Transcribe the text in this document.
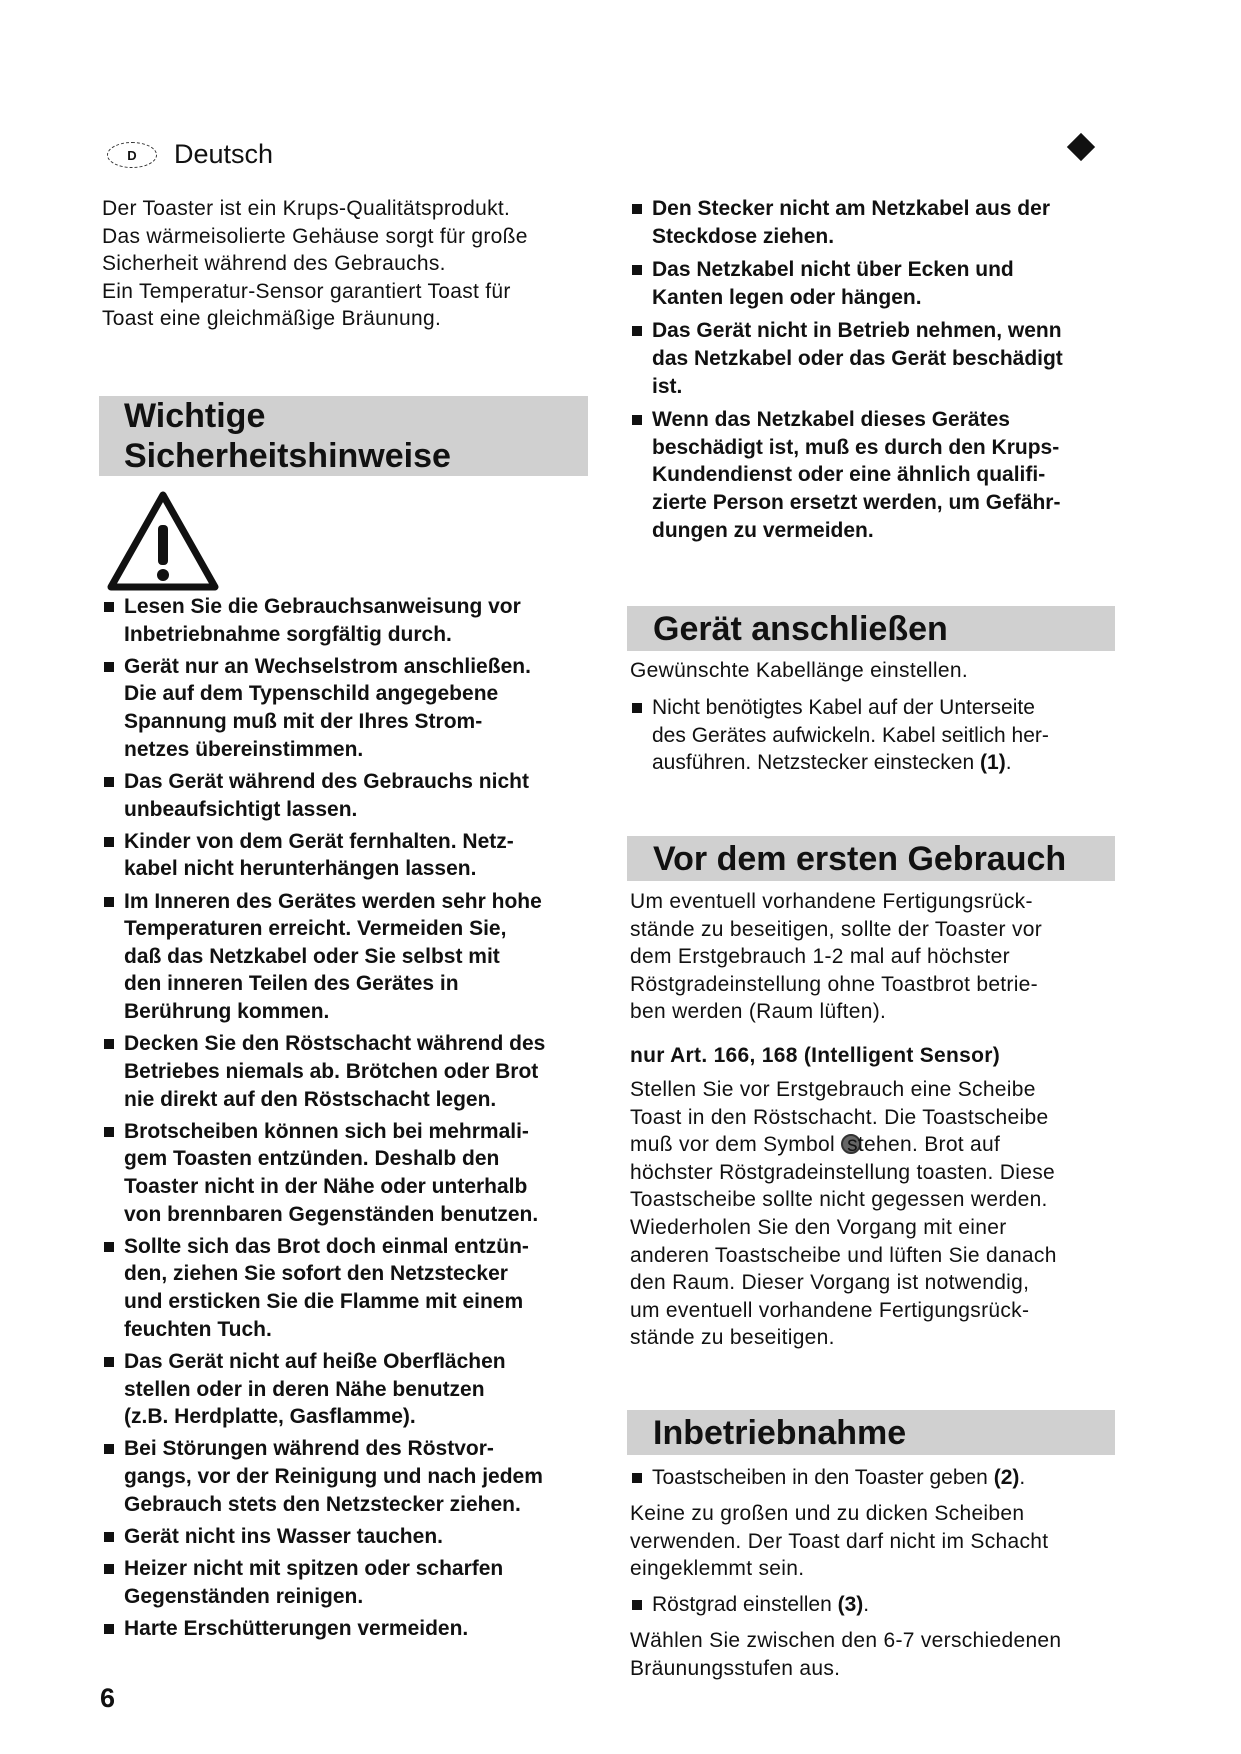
D Deutsch
Der Toaster ist ein Krups-Qualitätsprodukt.
Das wärmeisolierte Gehäuse sorgt für große
Sicherheit während des Gebrauchs.
Ein Temperatur-Sensor garantiert Toast für
Toast eine gleichmäßige Bräunung.
Wichtige
Sicherheitshinweise
Lesen Sie die Gebrauchsanweisung vor
Inbetriebnahme sorgfältig durch.
Gerät nur an Wechselstrom anschließen.
Die auf dem Typenschild angegebene
Spannung muß mit der Ihres Strom-
netzes übereinstimmen.
Das Gerät während des Gebrauchs nicht
unbeaufsichtigt lassen.
Kinder von dem Gerät fernhalten. Netz-
kabel nicht herunterhängen lassen.
Im Inneren des Gerätes werden sehr hohe
Temperaturen erreicht. Vermeiden Sie,
daß das Netzkabel oder Sie selbst mit
den inneren Teilen des Gerätes in
Berührung kommen.
Decken Sie den Röstschacht während des
Betriebes niemals ab. Brötchen oder Brot
nie direkt auf den Röstschacht legen.
Brotscheiben können sich bei mehrmali-
gem Toasten entzünden. Deshalb den
Toaster nicht in der Nähe oder unterhalb
von brennbaren Gegenständen benutzen.
Sollte sich das Brot doch einmal entzün-
den, ziehen Sie sofort den Netzstecker
und ersticken Sie die Flamme mit einem
feuchten Tuch.
Das Gerät nicht auf heiße Oberflächen
stellen oder in deren Nähe benutzen
(z.B. Herdplatte, Gasflamme).
Bei Störungen während des Röstvor-
gangs, vor der Reinigung und nach jedem
Gebrauch stets den Netzstecker ziehen.
Gerät nicht ins Wasser tauchen.
Heizer nicht mit spitzen oder scharfen
Gegenständen reinigen.
Harte Erschütterungen vermeiden.
6
Den Stecker nicht am Netzkabel aus der
Steckdose ziehen.
Das Netzkabel nicht über Ecken und
Kanten legen oder hängen.
Das Gerät nicht in Betrieb nehmen, wenn
das Netzkabel oder das Gerät beschädigt
ist.
Wenn das Netzkabel dieses Gerätes
beschädigt ist, muß es durch den Krups-
Kundendienst oder eine ähnlich qualifi-
zierte Person ersetzt werden, um Gefähr-
dungen zu vermeiden.
Gerät anschließen
Gewünschte Kabellänge einstellen.
Nicht benötigtes Kabel auf der Unterseite
des Gerätes aufwickeln. Kabel seitlich her-
ausführen. Netzstecker einstecken (1).
Vor dem ersten Gebrauch
Um eventuell vorhandene Fertigungsrück-
stände zu beseitigen, sollte der Toaster vor
dem Erstgebrauch 1-2 mal auf höchster
Röstgradeinstellung ohne Toastbrot betrie-
ben werden (Raum lüften).
nur Art. 166, 168 (Intelligent Sensor)
Stellen Sie vor Erstgebrauch eine Scheibe
Toast in den Röstschacht. Die Toastscheibe
muß vor dem Symbol stehen. Brot auf
höchster Röstgradeinstellung toasten. Diese
Toastscheibe sollte nicht gegessen werden.
Wiederholen Sie den Vorgang mit einer
anderen Toastscheibe und lüften Sie danach
den Raum. Dieser Vorgang ist notwendig,
um eventuell vorhandene Fertigungsrück-
stände zu beseitigen.
Inbetriebnahme
Toastscheiben in den Toaster geben (2).
Keine zu großen und zu dicken Scheiben
verwenden. Der Toast darf nicht im Schacht
eingeklemmt sein.
Röstgrad einstellen (3).
Wählen Sie zwischen den 6-7 verschiedenen
Bräunungsstufen aus.
